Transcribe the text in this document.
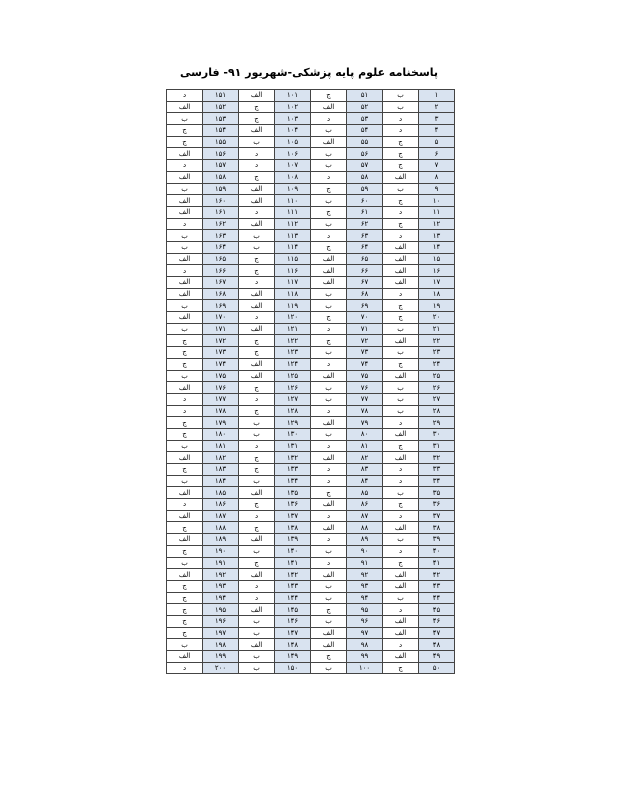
پاسخنامه علوم پایه پزشکی-شهریور ۹۱- فارسی
د	۱۵۱	الف	۱۰۱	ج	۵۱	ب	۱
الف	۱۵۲	ج	۱۰۲	الف	۵۲	ب	۲
ب	۱۵۳	ج	۱۰۳	د	۵۳	د	۳
ج	۱۵۴	الف	۱۰۴	ب	۵۴	د	۴
ج	۱۵۵	ب	۱۰۵	الف	۵۵	ج	۵
الف	۱۵۶	د	۱۰۶	ب	۵۶	ج	۶
د	۱۵۷	د	۱۰۷	ب	۵۷	ج	۷
الف	۱۵۸	ج	۱۰۸	د	۵۸	الف	۸
ب	۱۵۹	الف	۱۰۹	ج	۵۹	ب	۹
الف	۱۶۰	الف	۱۱۰	ب	۶۰	ج	۱۰
الف	۱۶۱	د	۱۱۱	ج	۶۱	د	۱۱
د	۱۶۲	الف	۱۱۲	ب	۶۲	ج	۱۲
ب	۱۶۳	ب	۱۱۳	د	۶۳	د	۱۳
ب	۱۶۴	ب	۱۱۴	ج	۶۴	الف	۱۴
الف	۱۶۵	ج	۱۱۵	الف	۶۵	الف	۱۵
د	۱۶۶	ج	۱۱۶	الف	۶۶	الف	۱۶
الف	۱۶۷	د	۱۱۷	الف	۶۷	الف	۱۷
الف	۱۶۸	الف	۱۱۸	ب	۶۸	د	۱۸
ب	۱۶۹	الف	۱۱۹	ب	۶۹	ج	۱۹
الف	۱۷۰	د	۱۲۰	ج	۷۰	ج	۲۰
ب	۱۷۱	الف	۱۲۱	د	۷۱	ب	۲۱
ج	۱۷۲	ج	۱۲۲	ج	۷۲	الف	۲۲
ج	۱۷۳	ج	۱۲۳	ب	۷۳	ب	۲۳
ج	۱۷۴	الف	۱۲۴	د	۷۴	ج	۲۴
ب	۱۷۵	الف	۱۲۵	الف	۷۵	الف	۲۵
الف	۱۷۶	ج	۱۲۶	ب	۷۶	ب	۲۶
د	۱۷۷	د	۱۲۷	ب	۷۷	ب	۲۷
د	۱۷۸	ج	۱۲۸	د	۷۸	ب	۲۸
ج	۱۷۹	ب	۱۲۹	الف	۷۹	د	۲۹
ج	۱۸۰	ب	۱۳۰	ب	۸۰	الف	۳۰
ب	۱۸۱	د	۱۳۱	د	۸۱	ج	۳۱
الف	۱۸۲	ج	۱۳۲	الف	۸۲	الف	۳۲
ج	۱۸۳	ج	۱۳۳	د	۸۳	د	۳۳
ب	۱۸۴	ب	۱۳۴	د	۸۴	د	۳۴
الف	۱۸۵	الف	۱۳۵	ج	۸۵	ب	۳۵
د	۱۸۶	ج	۱۳۶	الف	۸۶	ج	۳۶
الف	۱۸۷	د	۱۳۷	د	۸۷	د	۳۷
ج	۱۸۸	ج	۱۳۸	الف	۸۸	الف	۳۸
الف	۱۸۹	الف	۱۳۹	د	۸۹	ب	۳۹
ج	۱۹۰	ب	۱۴۰	ب	۹۰	د	۴۰
ب	۱۹۱	ج	۱۴۱	د	۹۱	ج	۴۱
الف	۱۹۲	الف	۱۴۲	الف	۹۲	الف	۴۲
ج	۱۹۳	د	۱۴۳	ب	۹۳	الف	۴۳
ج	۱۹۴	د	۱۴۴	ب	۹۴	ب	۴۴
ج	۱۹۵	الف	۱۴۵	ج	۹۵	د	۴۵
ج	۱۹۶	ب	۱۴۶	ب	۹۶	الف	۴۶
ج	۱۹۷	ب	۱۴۷	الف	۹۷	الف	۴۷
ب	۱۹۸	الف	۱۴۸	الف	۹۸	د	۴۸
الف	۱۹۹	ب	۱۴۹	ج	۹۹	الف	۴۹
د	۲۰۰	ب	۱۵۰	ب	۱۰۰	ج	۵۰
